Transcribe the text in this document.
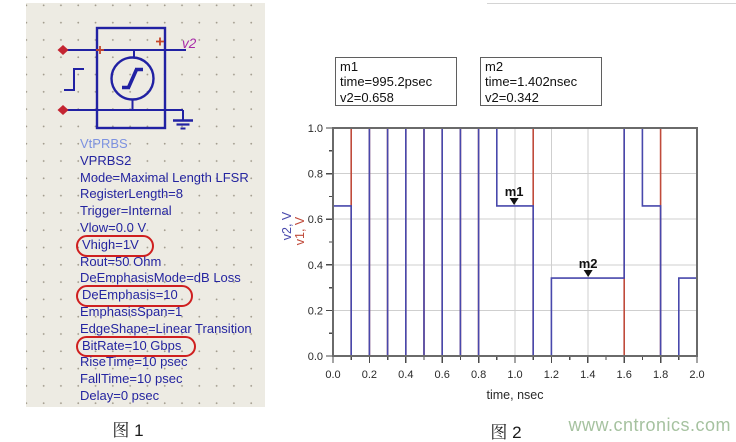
v2
VtPRBS
VPRBS2
Mode=Maximal Length LFSR
RegisterLength=8
Trigger=Internal
Vlow=0.0 V
Vhigh=1V
Rout=50 Ohm
DeEmphasisMode=dB Loss
DeEmphasis=10
EmphasisSpan=1
EdgeShape=Linear Transition
BitRate=10 Gbps
RiseTime=10 psec
FallTime=10 psec
Delay=0 psec
图 1
m1
time=995.2psec
v2=0.658
m2
time=1.402nsec
v2=0.342
0.0 0.2 0.4 0.6 0.8 1.0 1.2 1.4 1.6 1.8 2.0
0.0
0.2
0.4
0.6
0.8
1.0
m1
m2
v2, V v1, V
time, nsec
图 2	www.cntronics.com
